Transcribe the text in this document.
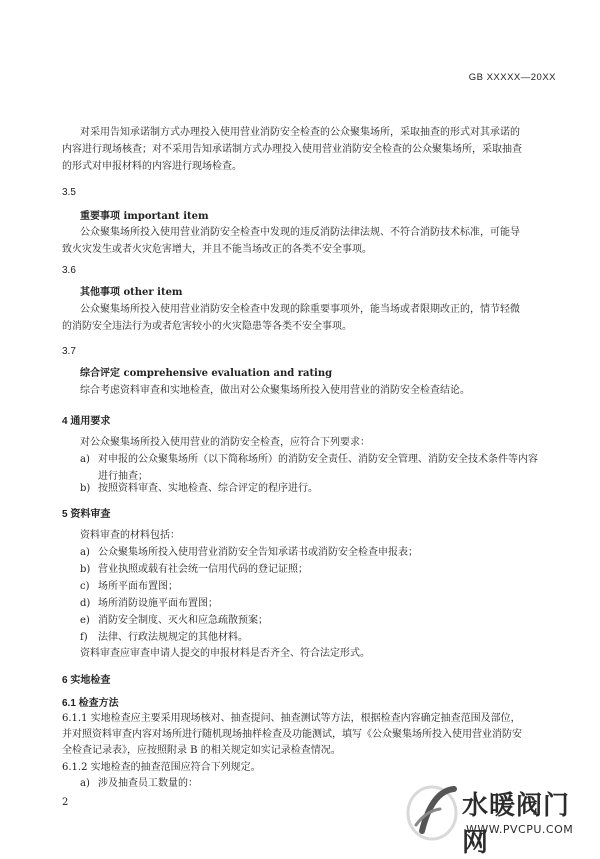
GB XXXXX—20XX
对采用告知承诺制方式办理投入使用营业消防安全检查的公众聚集场所，采取抽查的形式对其承诺的
内容进行现场核查；对不采用告知承诺制方式办理投入使用营业消防安全检查的公众聚集场所，采取抽查
的形式对申报材料的内容进行现场检查。
3.5
重要事项 important item
公众聚集场所投入使用营业消防安全检查中发现的违反消防法律法规、不符合消防技术标准，可能导
致火灾发生或者火灾危害增大，并且不能当场改正的各类不安全事项。
3.6
其他事项 other item
公众聚集场所投入使用营业消防安全检查中发现的除重要事项外，能当场或者限期改正的，情节轻微
的消防安全违法行为或者危害较小的火灾隐患等各类不安全事项。
3.7
综合评定 comprehensive evaluation and rating
综合考虑资料审查和实地检查，做出对公众聚集场所投入使用营业的消防安全检查结论。
4 通用要求
对公众聚集场所投入使用营业的消防安全检查，应符合下列要求：
a) 对申报的公众聚集场所（以下简称场所）的消防安全责任、消防安全管理、消防安全技术条件等内容进行抽查；
b) 按照资料审查、实地检查、综合评定的程序进行。
5 资料审查
资料审查的材料包括：
a) 公众聚集场所投入使用营业消防安全告知承诺书或消防安全检查申报表；
b) 营业执照或载有社会统一信用代码的登记证照；
c) 场所平面布置图；
d) 场所消防设施平面布置图；
e) 消防安全制度、灭火和应急疏散预案；
f) 法律、行政法规规定的其他材料。
资料审查应审查申请人提交的申报材料是否齐全、符合法定形式。
6 实地检查
6.1 检查方法
6.1.1 实地检查应主要采用现场核对、抽查提问、抽查测试等方法，根据检查内容确定抽查范围及部位，
并对照资料审查内容对场所进行随机现场抽样检查及功能测试，填写《公众聚集场所投入使用营业消防安
全检查记录表》，应按照附录 B 的相关规定如实记录检查情况。
6.1.2 实地检查的抽查范围应符合下列规定。
a) 涉及抽查员工数量的：
2	水暖阀门网
WWW.PVCPU.COM
